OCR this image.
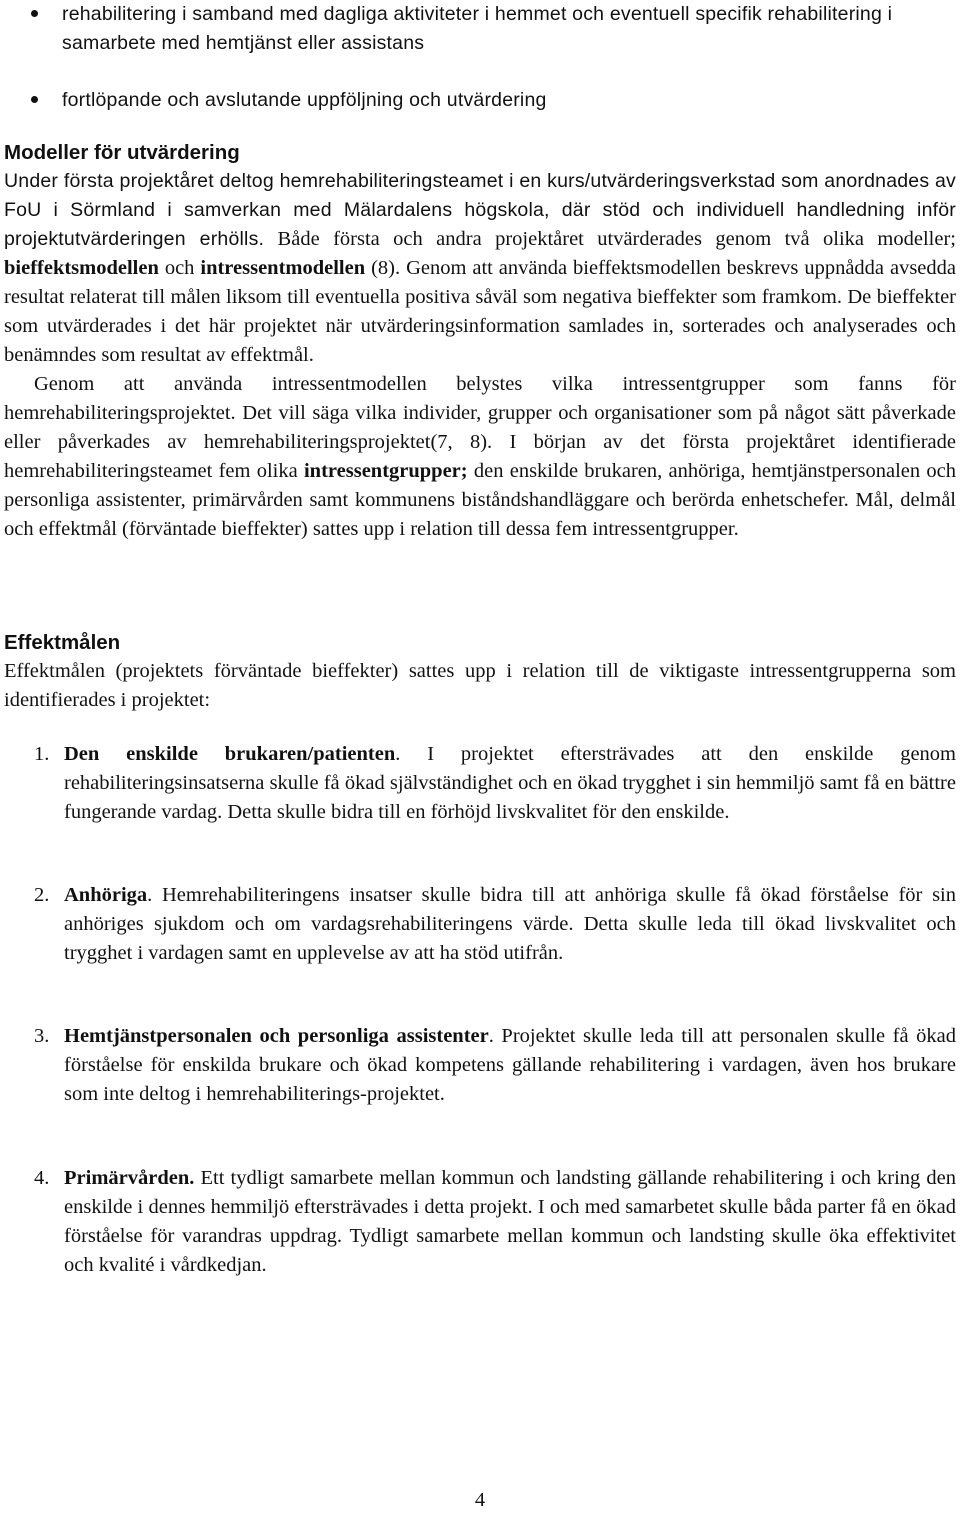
rehabilitering i samband med dagliga aktiviteter i hemmet och eventuell specifik rehabilitering i samarbete med hemtjänst eller assistans
fortlöpande och avslutande uppföljning och utvärdering
Modeller för utvärdering
Under första projektåret deltog hemrehabiliteringsteamet i en kurs/utvärderingsverkstad som anordnades av FoU i Sörmland i samverkan med Mälardalens högskola, där stöd och individuell handledning inför projektutvärderingen erhölls. Både första och andra projektåret utvärderades genom två olika modeller; bieffektsmodellen och intressentmodellen (8). Genom att använda bieffektsmodellen beskrevs uppnådda avsedda resultat relaterat till målen liksom till eventuella positiva såväl som negativa bieffekter som framkom. De bieffekter som utvärderades i det här projektet när utvärderingsinformation samlades in, sorterades och analyserades och benämndes som resultat av effektmål.
Genom att använda intressentmodellen belystes vilka intressentgrupper som fanns för hemrehabiliteringsprojektet. Det vill säga vilka individer, grupper och organisationer som på något sätt påverkade eller påverkades av hemrehabiliteringsprojektet(7, 8). I början av det första projektåret identifierade hemrehabiliteringsteamet fem olika intressentgrupper; den enskilde brukaren, anhöriga, hemtjänstpersonalen och personliga assistenter, primärvården samt kommunens biståndshandläggare och berörda enhetschefer. Mål, delmål och effektmål (förväntade bieffekter) sattes upp i relation till dessa fem intressentgrupper.
Effektmålen
Effektmålen (projektets förväntade bieffekter) sattes upp i relation till de viktigaste intressentgrupperna som identifierades i projektet:
1. Den enskilde brukaren/patienten. I projektet eftersträvades att den enskilde genom rehabiliteringsinsatserna skulle få ökad självständighet och en ökad trygghet i sin hemmiljö samt få en bättre fungerande vardag. Detta skulle bidra till en förhöjd livskvalitet för den enskilde.
2. Anhöriga. Hemrehabiliteringens insatser skulle bidra till att anhöriga skulle få ökad förståelse för sin anhöriges sjukdom och om vardagsrehabiliteringens värde. Detta skulle leda till ökad livskvalitet och trygghet i vardagen samt en upplevelse av att ha stöd utifrån.
3. Hemtjänstpersonalen och personliga assistenter. Projektet skulle leda till att personalen skulle få ökad förståelse för enskilda brukare och ökad kompetens gällande rehabilitering i vardagen, även hos brukare som inte deltog i hemrehabiliterings-projektet.
4. Primärvården. Ett tydligt samarbete mellan kommun och landsting gällande rehabilitering i och kring den enskilde i dennes hemmiljö eftersträvades i detta projekt. I och med samarbetet skulle båda parter få en ökad förståelse för varandras uppdrag. Tydligt samarbete mellan kommun och landsting skulle öka effektivitet och kvalité i vårdkedjan.
4
